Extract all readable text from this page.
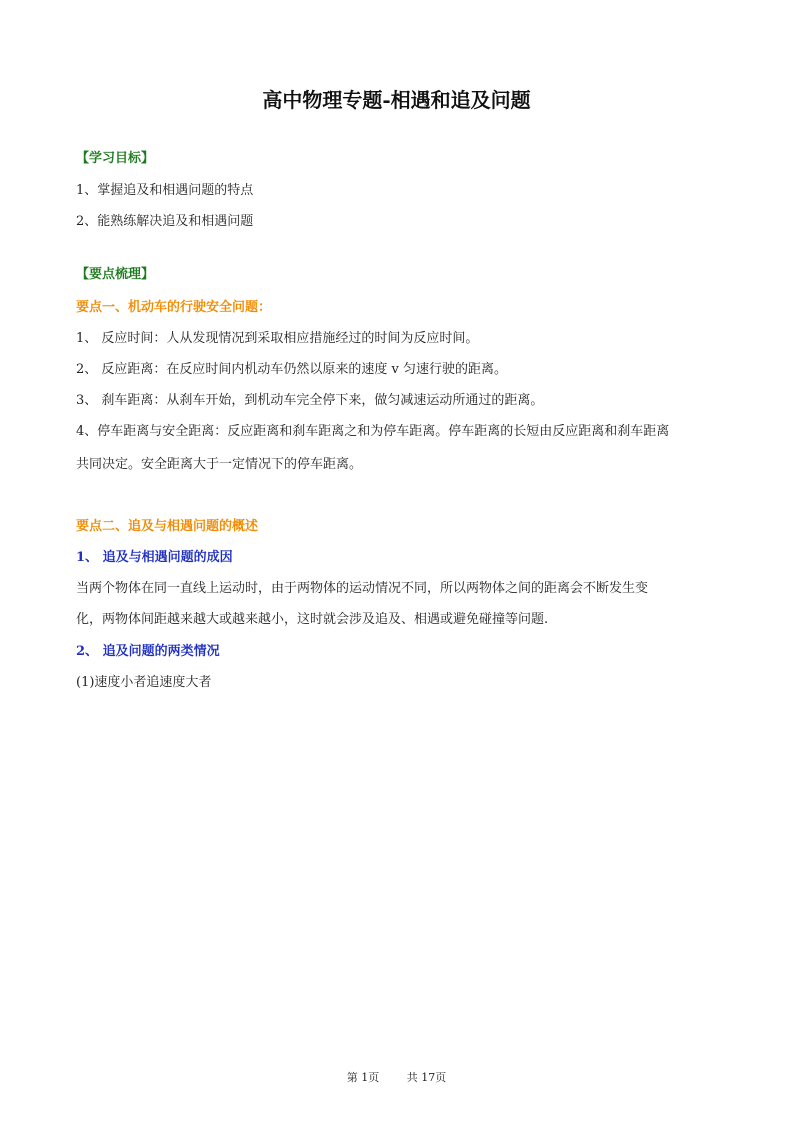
高中物理专题-相遇和追及问题
【学习目标】
1、掌握追及和相遇问题的特点
2、能熟练解决追及和相遇问题
【要点梳理】
要点一、机动车的行驶安全问题：
1、 反应时间：人从发现情况到采取相应措施经过的时间为反应时间。
2、 反应距离：在反应时间内机动车仍然以原来的速度 v 匀速行驶的距离。
3、 刹车距离：从刹车开始，到机动车完全停下来，做匀减速运动所通过的距离。
4、停车距离与安全距离：反应距离和刹车距离之和为停车距离。停车距离的长短由反应距离和刹车距离
共同决定。安全距离大于一定情况下的停车距离。
要点二、追及与相遇问题的概述
1、 追及与相遇问题的成因
当两个物体在同一直线上运动时，由于两物体的运动情况不同，所以两物体之间的距离会不断发生变
化，两物体间距越来越大或越来越小，这时就会涉及追及、相遇或避免碰撞等问题.
2、 追及问题的两类情况
(1)速度小者追速度大者
第 1页	共 17页
